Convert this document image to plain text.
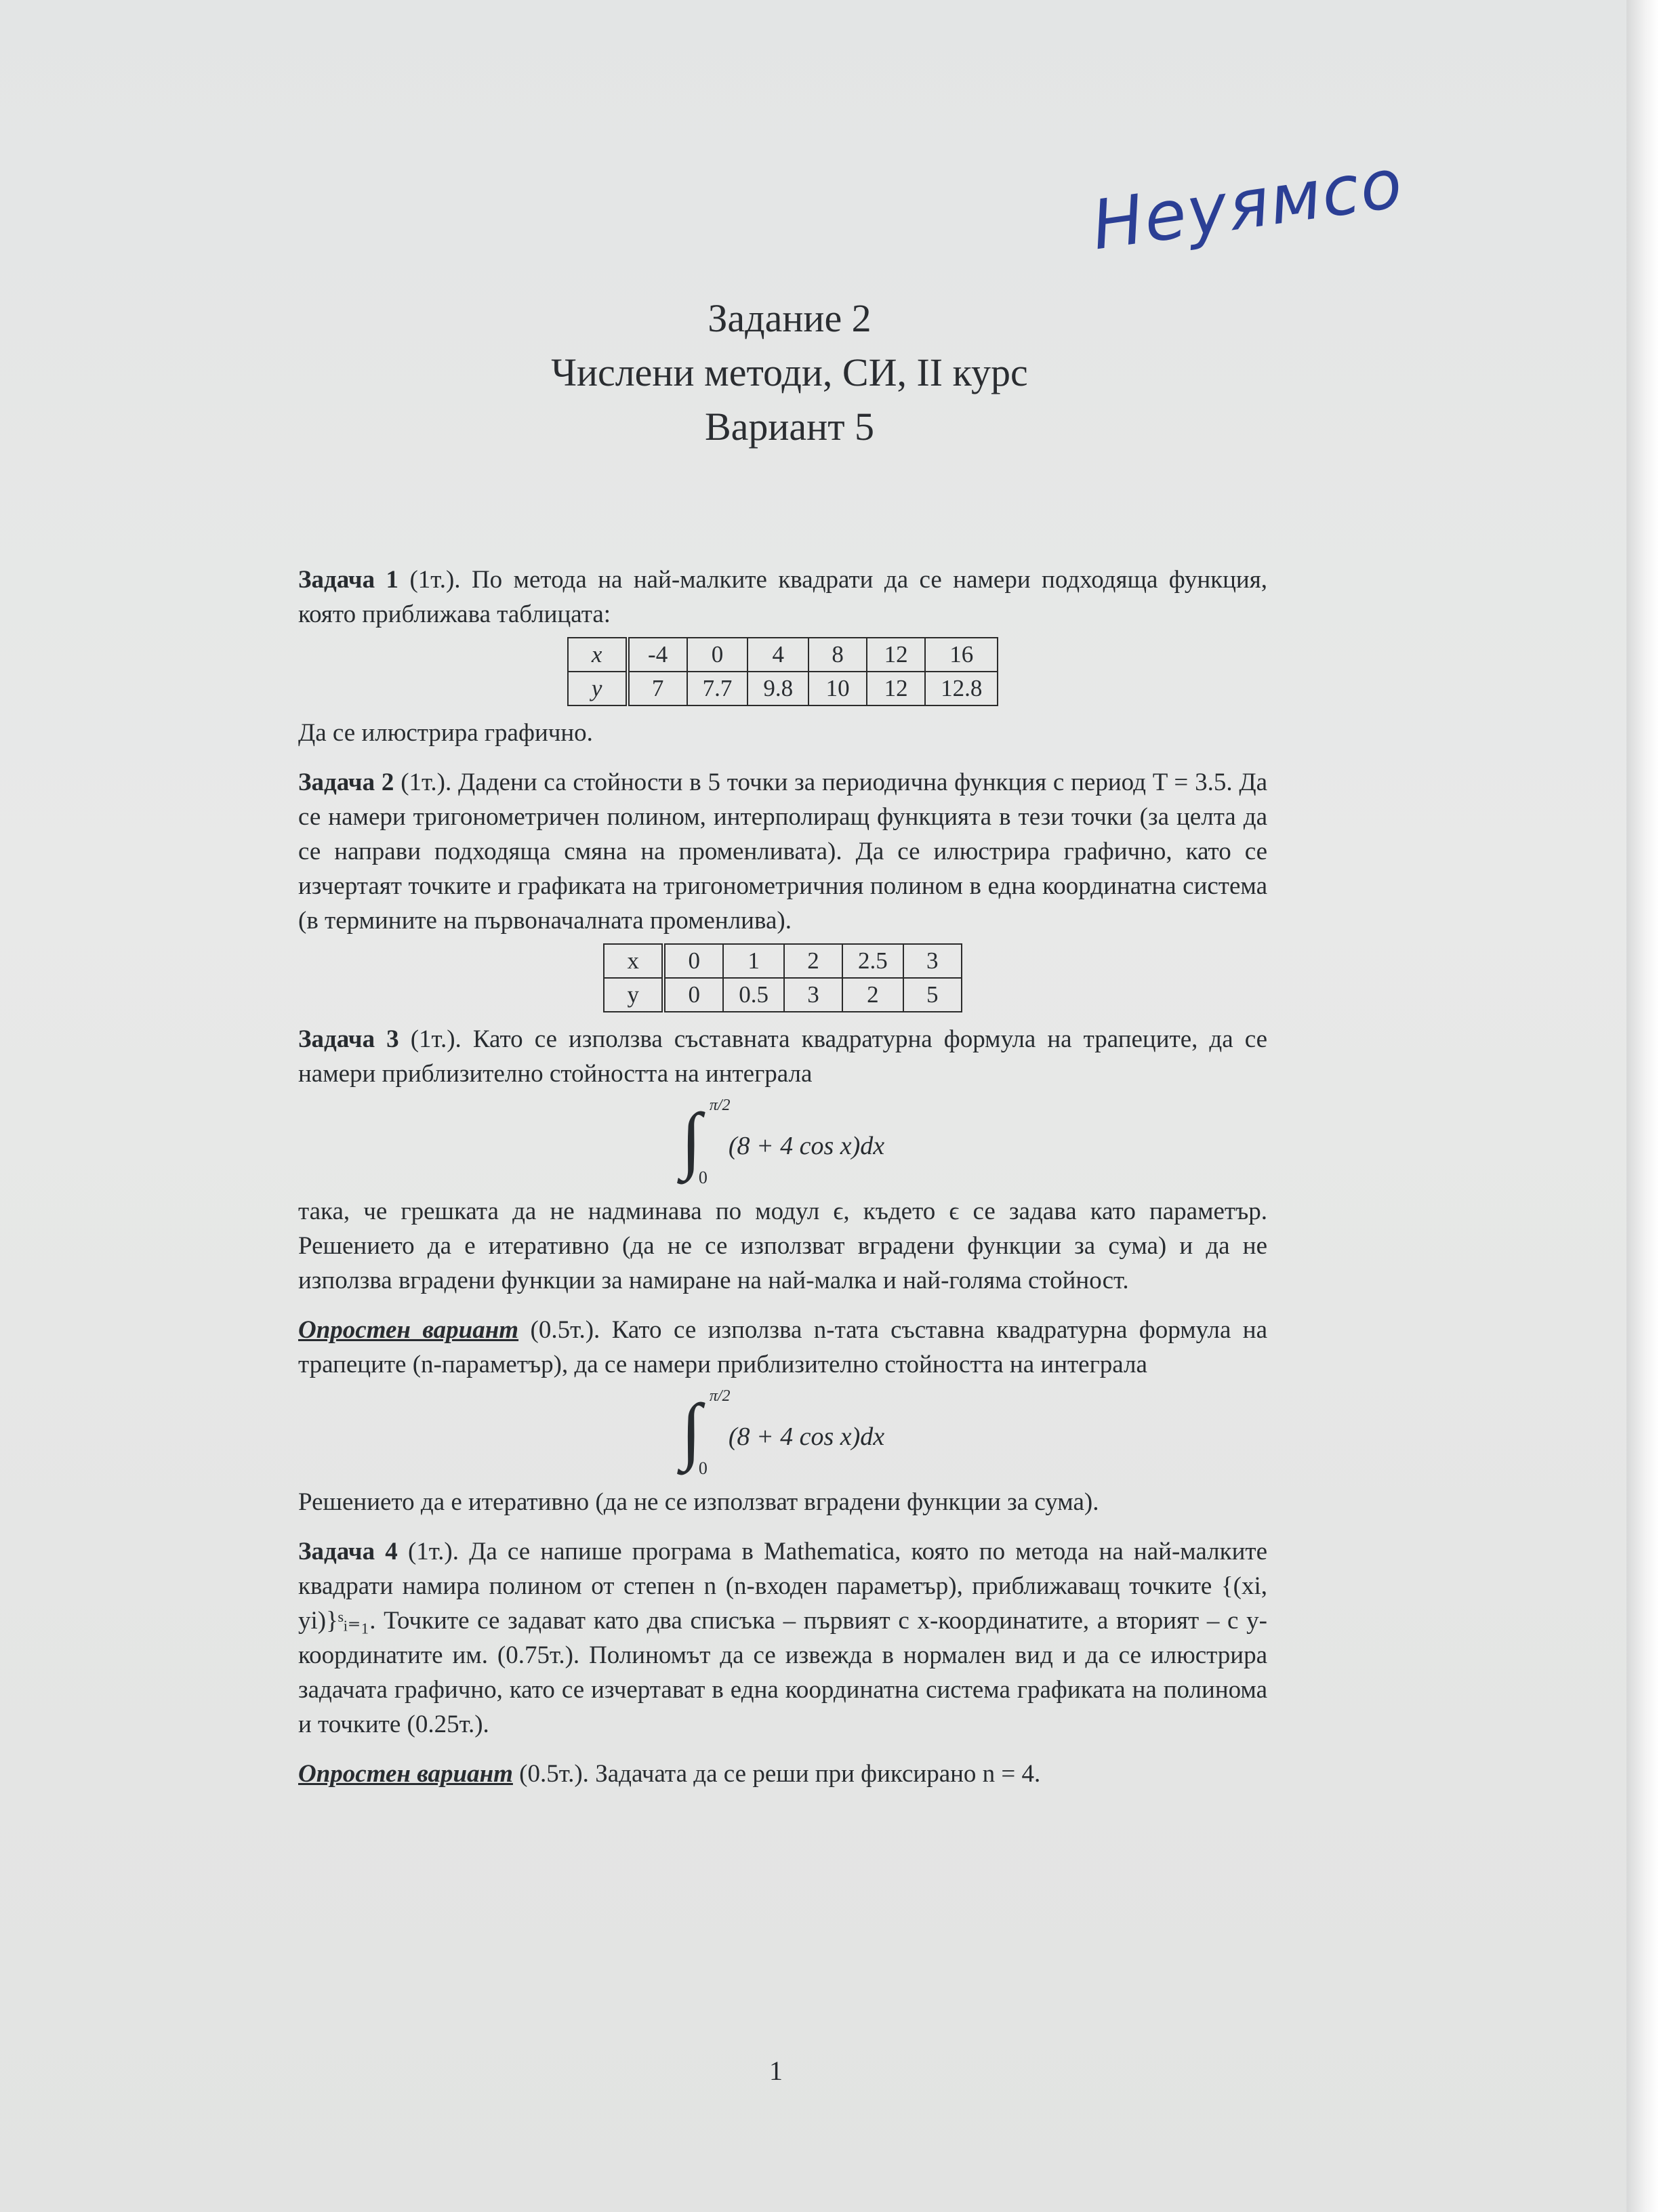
Неуямсо
Задание 2
Числени методи, СИ, II курс
Вариант 5

Задача 1 (1т.). По метода на най-малките квадрати да се намери подходяща функция, която приближава таблицата:

x	-4	0	4	8	12	16
y	7	7.7	9.8	10	12	12.8

Да се илюстрира графично.

Задача 2 (1т.). Дадени са стойности в 5 точки за периодична функция с период T = 3.5. Да се намери тригонометричен полином, интерполиращ функцията в тези точки (за целта да се направи подходяща смяна на променливата). Да се илюстрира графично, като се изчертаят точките и графиката на тригонометричния полином в една координатна система (в термините на първоначалната променлива).

x	0	1	2	2.5	3
y	0	0.5	3	2	5

Задача 3 (1т.). Като се използва съставната квадратурна формула на трапеците, да се намери приблизително стойността на интеграла

∫ π/2
0
(8 + 4 cos x)dx

така, че грешката да не надминава по модул ϵ, където ϵ се задава като параметър. Решението да е итеративно (да не се използват вградени функции за сума) и да не използва вградени функции за намиране на най-малка и най-голяма стойност.

Опростен вариант (0.5т.). Като се използва n-тата съставна квадратурна формула на трапеците (n-параметър), да се намери приблизително стойността на интеграла

∫ π/2
0
(8 + 4 cos x)dx

Решението да е итеративно (да не се използват вградени функции за сума).

Задача 4 (1т.). Да се напише програма в Mathematica, която по метода на най-малките квадрати намира полином от степен n (n-входен параметър), приближаващ точките {(xi, yi)}ˢᵢ₌₁. Точките се задават като два списъка – първият с x-координатите, а вторият – с y-координатите им. (0.75т.). Полиномът да се извежда в нормален вид и да се илюстрира задачата графично, като се изчертават в една координатна система графиката на полинома и точките (0.25т.).

Опростен вариант (0.5т.). Задачата да се реши при фиксирано n = 4.

1
